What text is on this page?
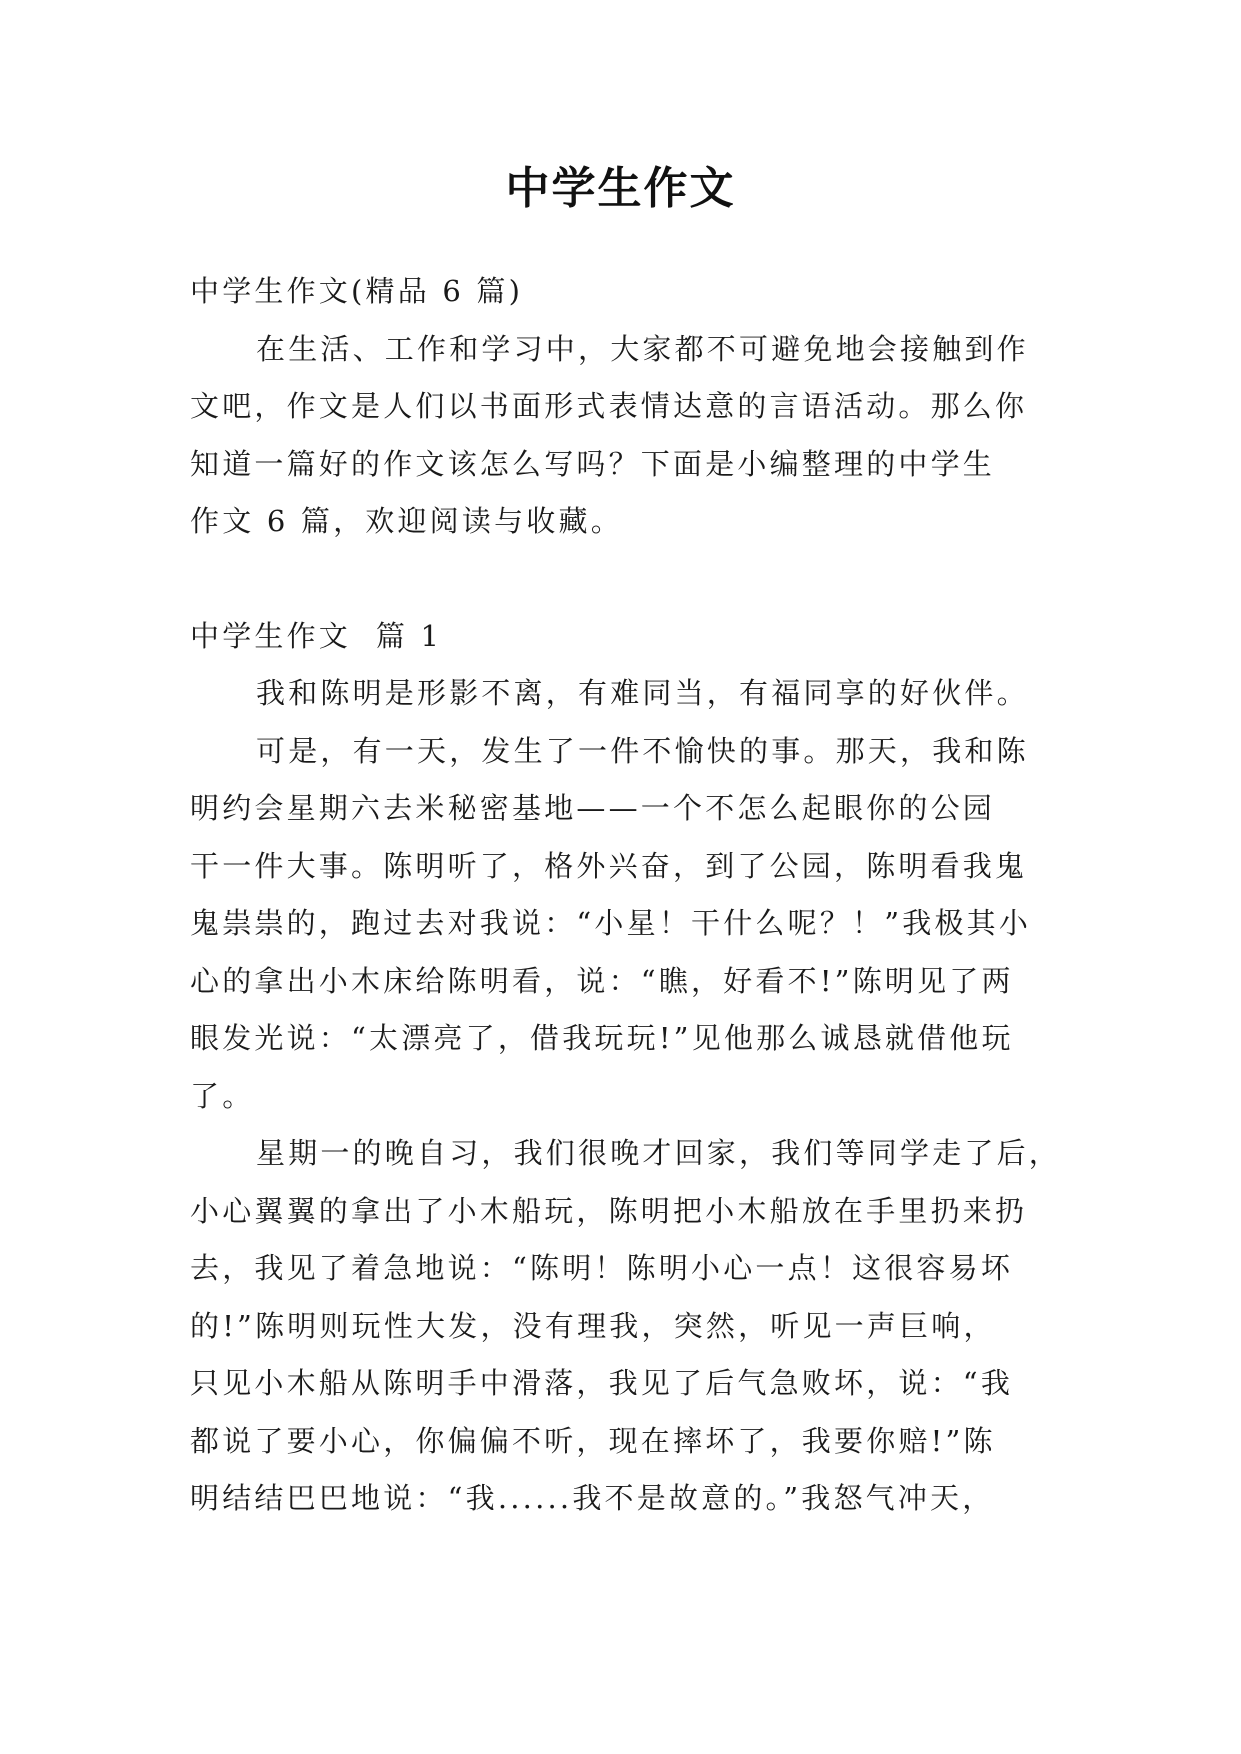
中学生作文

中学生作文(精品 6 篇)

在生活、工作和学习中，大家都不可避免地会接触到作

文吧，作文是人们以书面形式表情达意的言语活动。那么你

知道一篇好的作文该怎么写吗？下面是小编整理的中学生

作文 6 篇，欢迎阅读与收藏。

中学生作文  篇 1

我和陈明是形影不离，有难同当，有福同享的好伙伴。

可是，有一天，发生了一件不愉快的事。那天，我和陈

明约会星期六去米秘密基地——一个不怎么起眼你的公园

干一件大事。陈明听了，格外兴奋，到了公园，陈明看我鬼

鬼祟祟的，跑过去对我说：“小星！干什么呢？！”我极其小

心的拿出小木床给陈明看，说：“瞧，好看不!”陈明见了两

眼发光说：“太漂亮了，借我玩玩!”见他那么诚恳就借他玩

了。

星期一的晚自习，我们很晚才回家，我们等同学走了后，

小心翼翼的拿出了小木船玩，陈明把小木船放在手里扔来扔

去，我见了着急地说：“陈明！陈明小心一点！这很容易坏

的!”陈明则玩性大发，没有理我，突然，听见一声巨响，

只见小木船从陈明手中滑落，我见了后气急败坏，说：“我

都说了要小心，你偏偏不听，现在摔坏了，我要你赔!”陈

明结结巴巴地说：“我......我不是故意的。”我怒气冲天，
